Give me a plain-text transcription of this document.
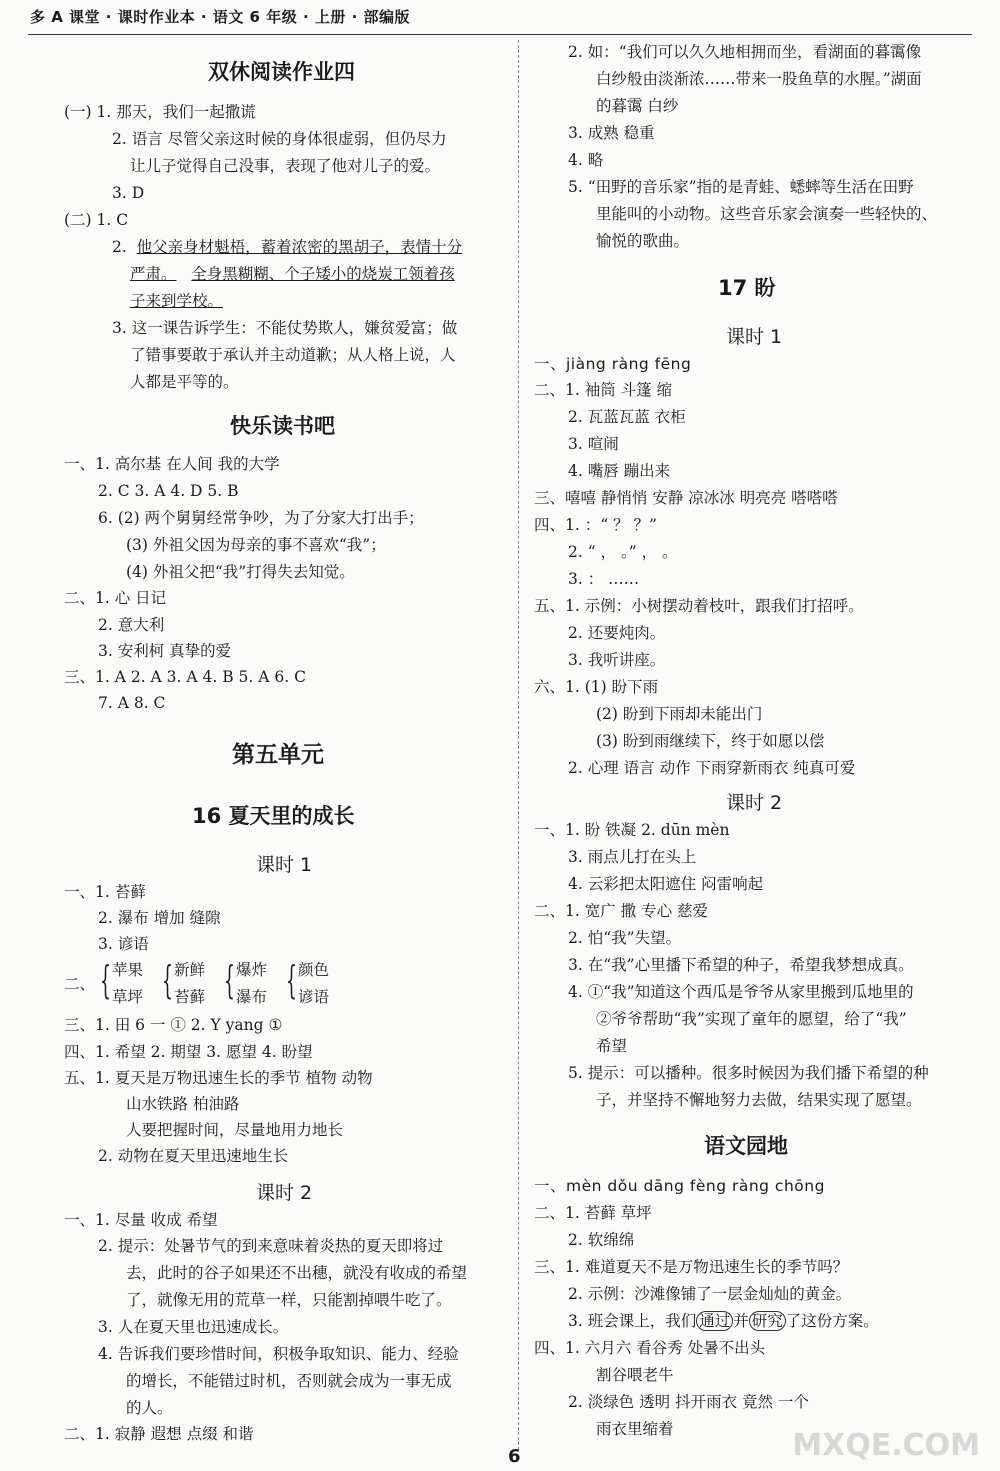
多 A 课堂 · 课时作业本 · 语文 6 年级 · 上册 · 部编版
双休阅读作业四
(一) 1. 那天，我们一起撒谎
2. 语言 尽管父亲这时候的身体很虚弱，但仍尽力
让儿子觉得自己没事，表现了他对儿子的爱。
3. D
(二) 1. C
2.  他父亲身材魁梧，蓄着浓密的黑胡子，表情十分
严肃。 全身黑糊糊、个子矮小的烧炭工领着孩
子来到学校。
3. 这一课告诉学生：不能仗势欺人，嫌贫爱富；做
了错事要敢于承认并主动道歉；从人格上说，人
人都是平等的。
快乐读书吧
一、1. 高尔基 在人间 我的大学
2. C 3. A 4. D 5. B
6. (2) 两个舅舅经常争吵，为了分家大打出手；
(3) 外祖父因为母亲的事不喜欢“我”；
(4) 外祖父把“我”打得失去知觉。
二、1. 心 日记
2. 意大利
3. 安利柯 真挚的爱
三、1. A 2. A 3. A 4. B 5. A 6. C
7. A 8. C
第五单元
16 夏天里的成长
课时 1
一、1. 苔藓
2. 瀑布 增加 缝隙
3. 谚语
二、 { 苹果
草坪 { 新鲜
苔藓 { 爆炸
瀑布 { 颜色
谚语
三、1. 田 6 一 ① 2. Y yang ①
四、1. 希望 2. 期望 3. 愿望 4. 盼望
五、1. 夏天是万物迅速生长的季节 植物 动物
山水铁路 柏油路
人要把握时间，尽量地用力地长
2. 动物在夏天里迅速地生长
课时 2
一、1. 尽量 收成 希望
2. 提示：处暑节气的到来意味着炎热的夏天即将过
去，此时的谷子如果还不出穗，就没有收成的希望
了，就像无用的荒草一样，只能割掉喂牛吃了。
3. 人在夏天里也迅速成长。
4. 告诉我们要珍惜时间，积极争取知识、能力、经验
的增长，不能错过时机，否则就会成为一事无成
的人。
二、1. 寂静 遐想 点缀 和谐
2. 如：“我们可以久久地相拥而坐，看湖面的暮霭像
白纱般由淡渐浓……带来一股鱼草的水腥。”湖面
的暮霭 白纱
3. 成熟 稳重
4. 略
5. “田野的音乐家”指的是青蛙、蟋蟀等生活在田野
里能叫的小动物。这些音乐家会演奏一些轻快的、
愉悦的歌曲。
17 盼
课时 1
一、jiàng ràng fēng
二、1. 袖筒 斗篷 缩
2. 瓦蓝瓦蓝 衣柜
3. 喧闹
4. 嘴唇 蹦出来
三、嘻嘻 静悄悄 安静 凉冰冰 明亮亮 嗒嗒嗒
四、1. ：“ ？ ？”
2. “ ， 。” ， 。
3. ： ……
五、1. 示例：小树摆动着枝叶，跟我们打招呼。
2. 还要炖肉。
3. 我听讲座。
六、1. (1) 盼下雨
(2) 盼到下雨却未能出门
(3) 盼到雨继续下，终于如愿以偿
2. 心理 语言 动作 下雨穿新雨衣 纯真可爱
课时 2
一、1. 盼 铁凝 2. dūn mèn
3. 雨点儿打在头上
4. 云彩把太阳遮住 闷雷响起
二、1. 宽广 撒 专心 慈爱
2. 怕“我”失望。
3. 在“我”心里播下希望的种子，希望我梦想成真。
4. ①“我”知道这个西瓜是爷爷从家里搬到瓜地里的
②爷爷帮助“我”实现了童年的愿望，给了“我”
希望
5. 提示：可以播种。很多时候因为我们播下希望的种
子，并坚持不懈地努力去做，结果实现了愿望。
语文园地
一、mèn dǒu dāng fèng ràng chōng
二、1. 苔藓 草坪
2. 软绵绵
三、1. 难道夏天不是万物迅速生长的季节吗？
2. 示例：沙滩像铺了一层金灿灿的黄金。
3. 班会课上，我们 通过 并 研究 了这份方案。
四、1. 六月六 看谷秀 处暑不出头
割谷喂老牛
2. 淡绿色 透明 抖开雨衣 竟然 一个
雨衣里缩着
6	MXQE.COM
